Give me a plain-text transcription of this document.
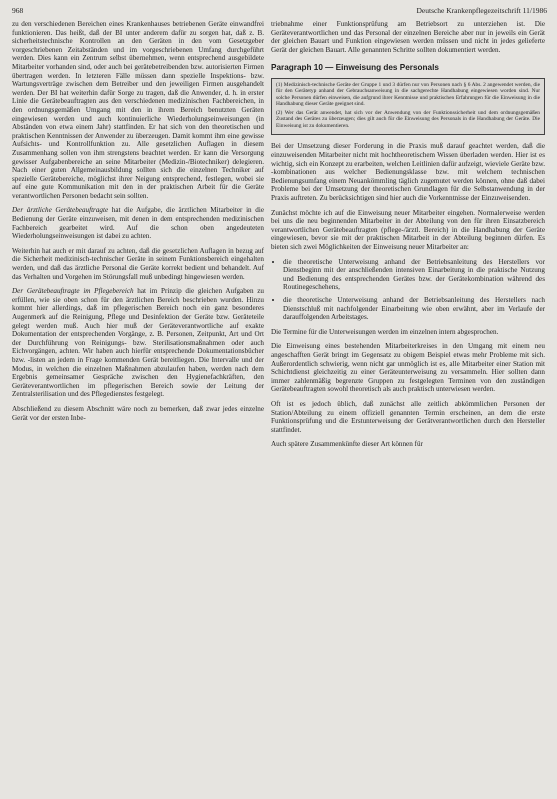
968	Deutsche Krankenpflegezeitschrift 11/1986

zu den verschiedenen Bereichen eines Krankenhauses betriebenen Geräte einwandfrei funktionieren. Das heißt, daß der BI unter anderem dafür zu sorgen hat, daß z. B. sicherheitstechnische Kontrollen an den Geräten in den vom Gesetzgeber vorgeschriebenen Zeitabständen und im vorgeschriebenen Umfang durchgeführt werden. Dies kann ein Zentrum selbst übernehmen, wenn entsprechend ausgebildete Mitarbeiter vorhanden sind, oder auch bei gerätebetreibenden bzw. autorisierten Firmen übertragen werden. In letzteren Fälle müssen dann spezielle Inspektions- bzw. Wartungsverträge zwischen dem Betreiber und den jeweiligen Firmen ausgehandelt werden. Der BI hat weiterhin dafür Sorge zu tragen, daß die Anwender, d. h. in erster Linie die Gerätebeauftragten aus den verschiedenen medizinischen Fachbereichen, in den ordnungsgemäßen Umgang mit den in ihrem Bereich benutzten Geräten eingewiesen werden und auch kontinuierliche Wiederholungseinweisungen (in Abständen von etwa einem Jahr) stattfinden. Er hat sich von den theoretischen und praktischen Kenntnissen der Anwender zu überzeugen. Damit kommt ihm eine gewisse Aufsichts- und Kontrollfunktion zu. Alle gesetzlichen Auflagen in diesem Zusammenhang sollen von ihm strengstens beachtet werden. Er kann die Versorgung gewisser Aufgabenbereiche an seine Mitarbeiter (Medizin-/Biotechniker) delegieren. Nach einer guten Allgemeinausbildung sollten sich die einzelnen Techniker auf spezielle Gerätebereiche, möglichst ihrer Neigung entsprechend, festlegen, wobei sie auf eine gute Kommunikation mit den in der praktischen Arbeit für die Geräte verantwortlichen Personen bedacht sein sollten.

Der ärztliche Gerätebeauftragte hat die Aufgabe, die ärztlichen Mitarbeiter in die Bedienung der Geräte einzuweisen, mit denen in dem entsprechenden medizinischen Fachbereich gearbeitet wird. Auf die schon oben angedeuteten Wiederholungseinweisungen ist dabei zu achten.

Weiterhin hat auch er mit darauf zu achten, daß die gesetzlichen Auflagen in bezug auf die Sicherheit medizinisch-technischer Geräte in seinem Funktionsbereich eingehalten werden, und daß das ärztliche Personal die Geräte korrekt bedient und behandelt. Auf das Verhalten und Vorgehen im Störungsfall muß unbedingt hingewiesen werden.

Der Gerätebeauftragte im Pflegebereich hat im Prinzip die gleichen Aufgaben zu erfüllen, wie sie oben schon für den ärztlichen Bereich beschrieben wurden. Hinzu kommt hier allerdings, daß im pflegerischen Bereich noch ein ganz besonderes Augenmerk auf die Reinigung, Pflege und Desinfektion der Geräte bzw. Geräteteile gelegt werden muß. Auch hier muß der Geräteverantwortliche auf exakte Dokumentation der entsprechenden Vorgänge, z. B. Personen, Zeitpunkt, Art und Ort der Durchführung von Reinigungs- bzw. Sterilisationsmaßnahmen oder auch Eichvorgängen, achten. Wir haben auch hierfür entsprechende Dokumentationsbücher bzw. -listen an jedem in Frage kommenden Gerät bereitliegen. Die Intervalle und der Modus, in welchen die einzelnen Maßnahmen abzulaufen haben, werden nach dem Ergebnis gemeinsamer Gespräche zwischen den Hygienefachkräften, den Geräteverantwortlichen im pflegerischen Bereich sowie der Leitung der Zentralsterilisation und des Pflegedienstes festgelegt.

Abschließend zu diesem Abschnitt wäre noch zu bemerken, daß zwar jedes einzelne Gerät vor der ersten Inbe-

triebnahme einer Funktionsprüfung am Betriebsort zu unterziehen ist. Die Geräteverantwortlichen und das Personal der einzelnen Bereiche aber nur in jeweils ein Gerät der gleichen Bauart und Funktion eingewiesen werden müssen und nicht in jedes gelieferte Gerät der gleichen Bauart. Alle genannten Schritte sollten dokumentiert werden.

Paragraph 10 — Einweisung des Personals

(1) Medizinisch-technische Geräte der Gruppe 1 und 3 dürfen nur von Personen nach § 6 Abs. 2 angewendet werden, die für den Gerätetyp anhand der Gebrauchsanweisung in die sachgerechte Handhabung eingewiesen worden sind. Nur solche Personen dürfen einweisen, die aufgrund ihrer Kenntnisse und praktischen Erfahrungen für die Einweisung in die Handhabung dieser Geräte geeignet sind.

(2) Wer das Gerät anwendet, hat sich vor der Anwendung von der Funktionssicherheit und dem ordnungsgemäßen Zustand des Gerätes zu überzeugen; dies gilt auch für die Einweisung des Personals in die Handhabung der Geräte. Die Einweisung ist zu dokumentieren.

Bei der Umsetzung dieser Forderung in die Praxis muß darauf geachtet werden, daß die einzuweisenden Mitarbeiter nicht mit hochtheoretischem Wissen überladen werden. Hier ist es wichtig, sich ein Konzept zu erarbeiten, welchen Leitlinien dafür aufzeigt, wieviele Geräte bzw. -kombinationen aus welcher Bedienungsklasse bzw. mit welchem technischen Bedienungsumfang einem Neuankömmling täglich zugemutet werden können, ohne daß dabei Probleme bei der Umsetzung der theoretischen Grundlagen für die Selbstanwendung in der Praxis auftreten. Zu berücksichtigen sind hier auch die Vorkenntnisse der Einzuweisenden.

Zunächst möchte ich auf die Einweisung neuer Mitarbeiter eingehen. Normalerweise werden bei uns die neu beginnenden Mitarbeiter in der Abteilung von den für ihren Einsatzbereich verantwortlichen Gerätebeauftragten (pflege-/ärztl. Bereich) in die Handhabung der Geräte eingewiesen, bevor sie mit der praktischen Mitarbeit in der Abteilung beginnen dürfen. Es bieten sich zwei Möglichkeiten der Einweisung neuer Mitarbeiter an:

• die theoretische Unterweisung anhand der Betriebsanleitung des Herstellers vor Dienstbeginn mit der anschließenden intensiven Einarbeitung in die praktische Nutzung und Bedienung des entsprechenden Gerätes bzw. der Gerätekombination während des Routinegeschehens,
• die theoretische Unterweisung anhand der Betriebsanleitung des Herstellers nach Dienstschluß mit nachfolgender Einarbeitung wie oben erwähnt, aber im Verlaufe der darauffolgenden Arbeitstages.

Die Termine für die Unterweisungen werden im einzelnen intern abgesprochen.

Die Einweisung eines bestehenden Mitarbeiterkreises in den Umgang mit einem neu angeschafften Gerät bringt im Gegensatz zu obigem Beispiel etwas mehr Probleme mit sich. Außerordentlich schwierig, wenn nicht gar unmöglich ist es, alle Mitarbeiter einer Station mit Schichtdienst gleichzeitig zu einer Geräteunterweisung zu versammeln. Hier sollten dann immer zahlenmäßig begrenzte Gruppen zu festgelegten Terminen von den zuständigen Gerätebeauftragten sowohl theoretisch als auch praktisch unterwiesen werden.

Oft ist es jedoch üblich, daß zunächst alle zeitlich abkömmlichen Personen der Station/Abteilung zu einem offiziell genannten Termin erscheinen, an dem die erste Funktionsprüfung und die Erstunterweisung der Gerätverantwortlichen durch den Hersteller stattfindet.

Auch spätere Zusammenkünfte dieser Art können für
